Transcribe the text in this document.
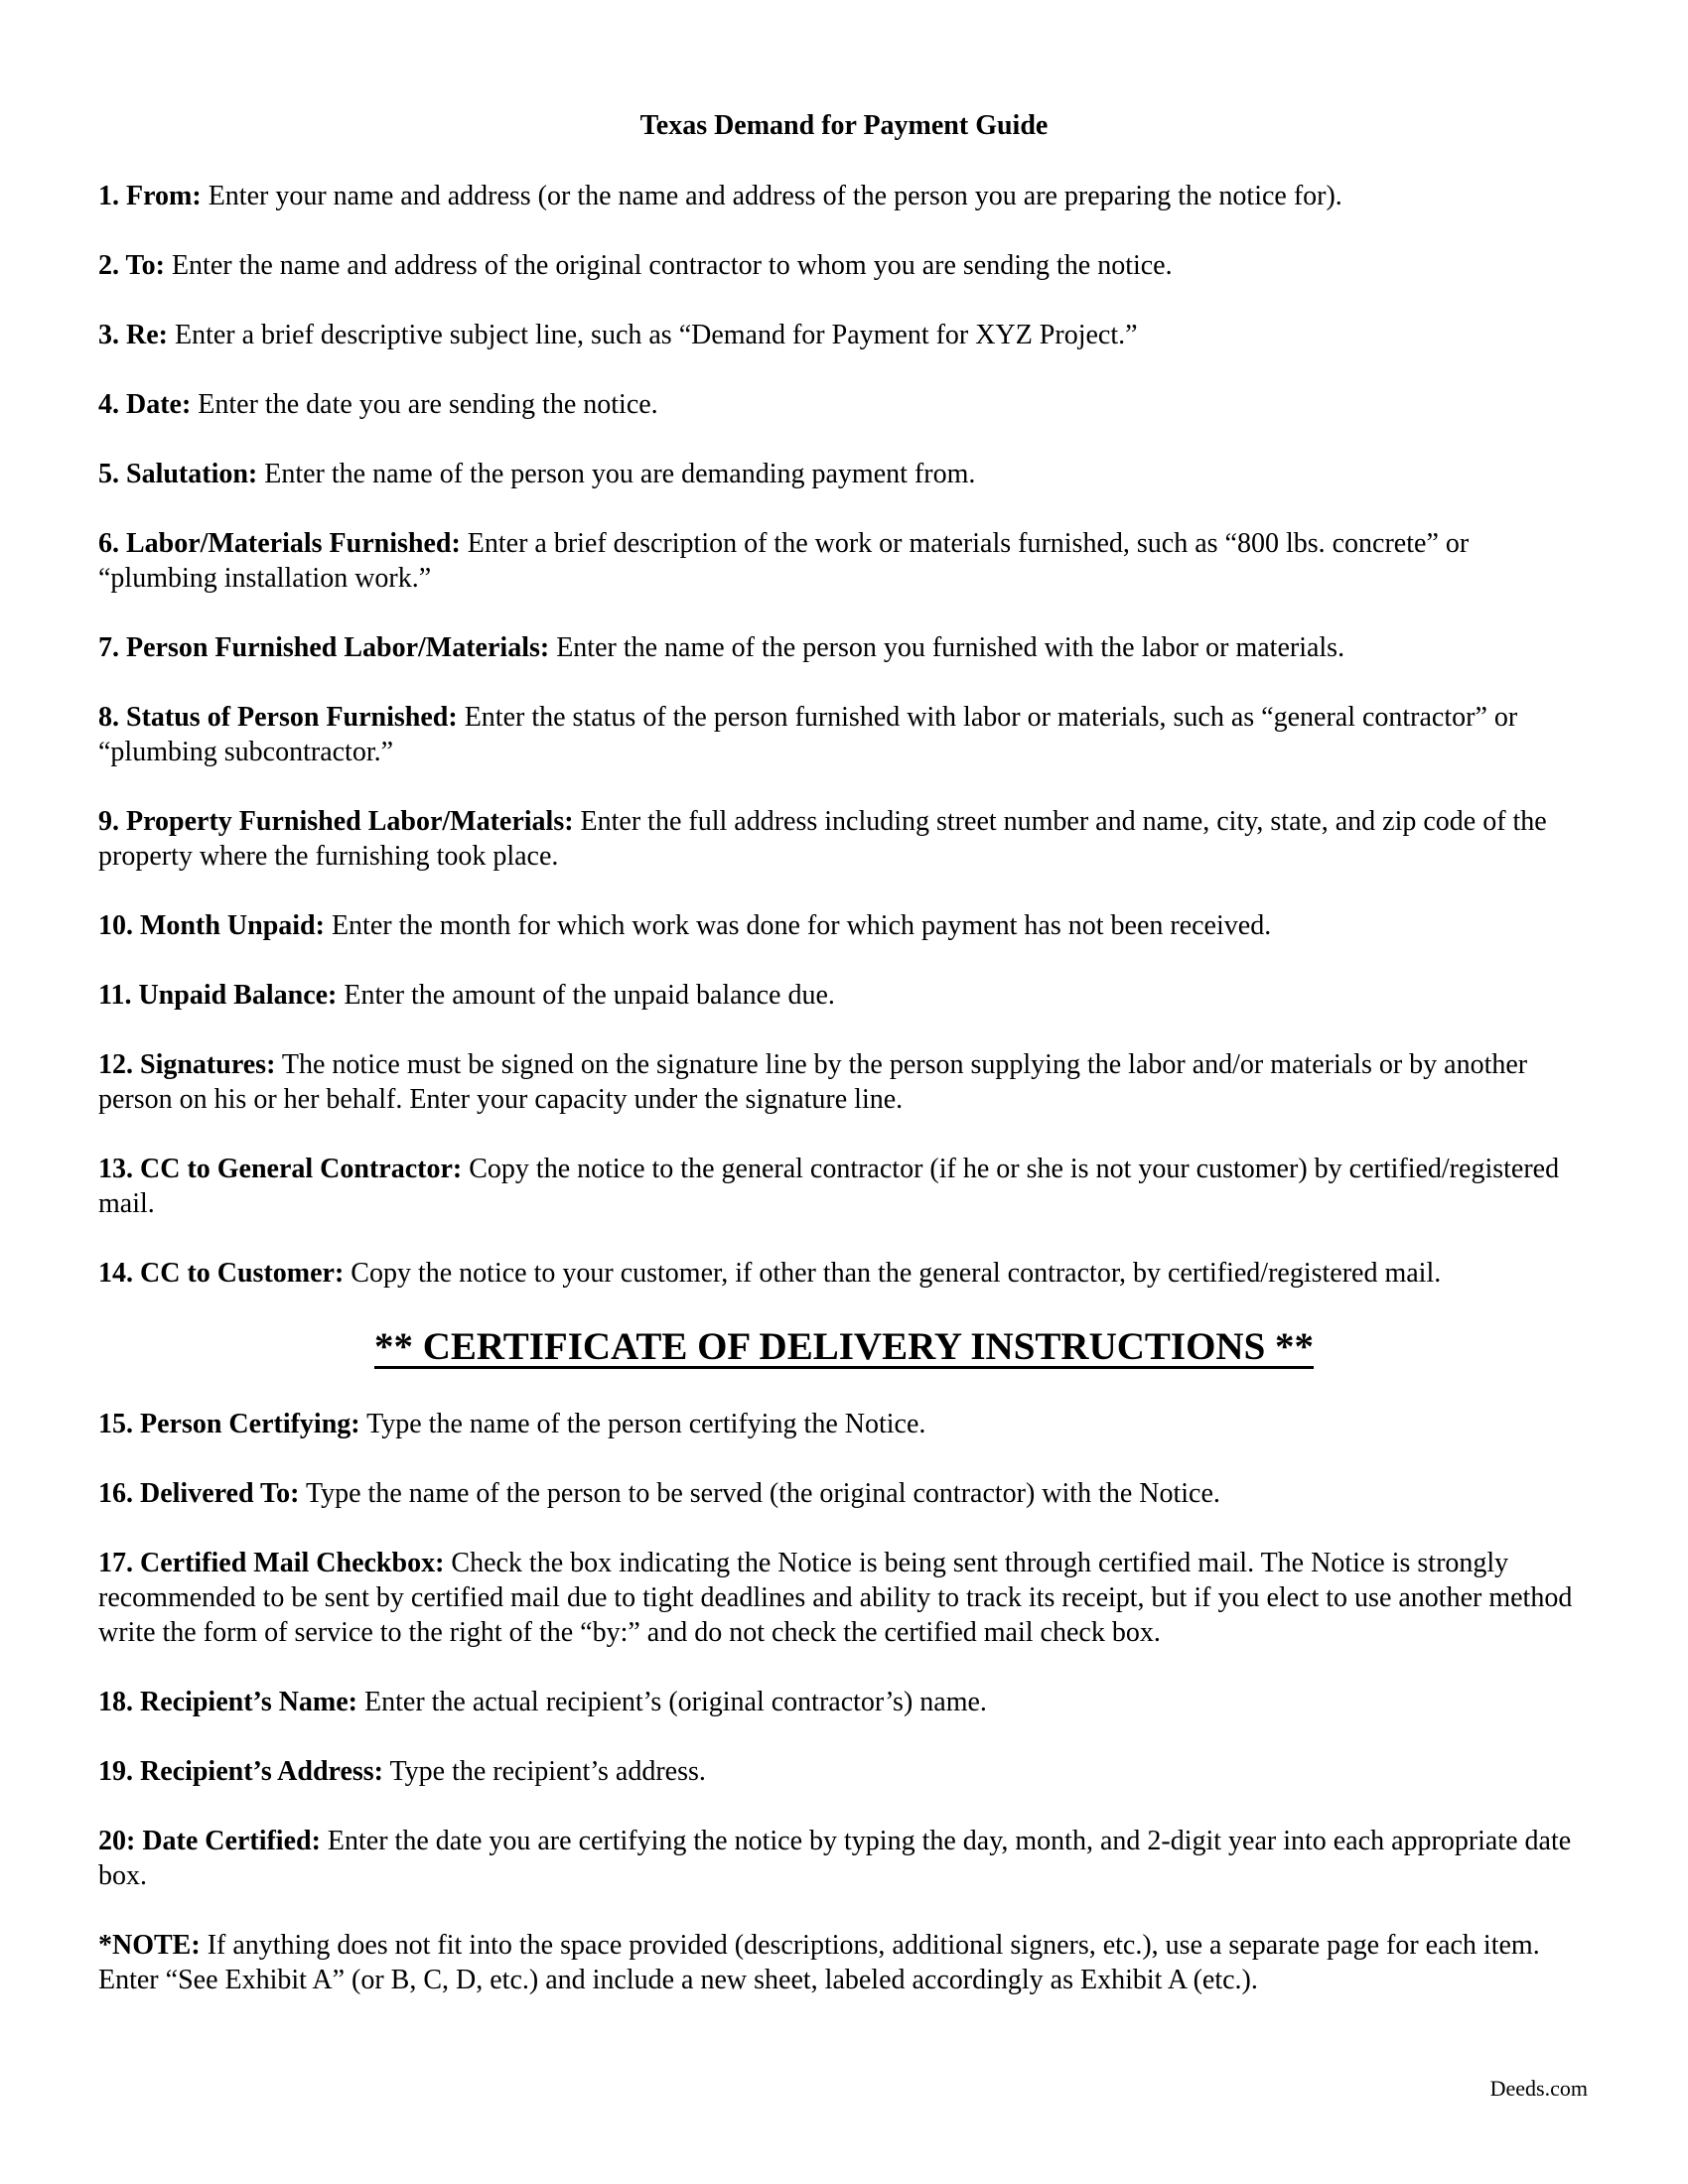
Texas Demand for Payment Guide
1. From: Enter your name and address (or the name and address of the person you are preparing the notice for).
2. To: Enter the name and address of the original contractor to whom you are sending the notice.
3. Re: Enter a brief descriptive subject line, such as “Demand for Payment for XYZ Project.”
4. Date: Enter the date you are sending the notice.
5. Salutation: Enter the name of the person you are demanding payment from.
6. Labor/Materials Furnished: Enter a brief description of the work or materials furnished, such as “800 lbs. concrete” or “plumbing installation work.”
7. Person Furnished Labor/Materials: Enter the name of the person you furnished with the labor or materials.
8. Status of Person Furnished: Enter the status of the person furnished with labor or materials, such as “general contractor” or “plumbing subcontractor.”
9. Property Furnished Labor/Materials: Enter the full address including street number and name, city, state, and zip code of the property where the furnishing took place.
10. Month Unpaid: Enter the month for which work was done for which payment has not been received.
11. Unpaid Balance: Enter the amount of the unpaid balance due.
12. Signatures: The notice must be signed on the signature line by the person supplying the labor and/or materials or by another person on his or her behalf. Enter your capacity under the signature line.
13. CC to General Contractor: Copy the notice to the general contractor (if he or she is not your customer) by certified/registered mail.
14. CC to Customer: Copy the notice to your customer, if other than the general contractor, by certified/registered mail.
** CERTIFICATE OF DELIVERY INSTRUCTIONS **
15. Person Certifying: Type the name of the person certifying the Notice.
16. Delivered To: Type the name of the person to be served (the original contractor) with the Notice.
17. Certified Mail Checkbox: Check the box indicating the Notice is being sent through certified mail. The Notice is strongly recommended to be sent by certified mail due to tight deadlines and ability to track its receipt, but if you elect to use another method write the form of service to the right of the “by:” and do not check the certified mail check box.
18. Recipient’s Name: Enter the actual recipient’s (original contractor’s) name.
19. Recipient’s Address: Type the recipient’s address.
20: Date Certified: Enter the date you are certifying the notice by typing the day, month, and 2-digit year into each appropriate date box.
*NOTE: If anything does not fit into the space provided (descriptions, additional signers, etc.), use a separate page for each item. Enter “See Exhibit A” (or B, C, D, etc.) and include a new sheet, labeled accordingly as Exhibit A (etc.).
Deeds.com
